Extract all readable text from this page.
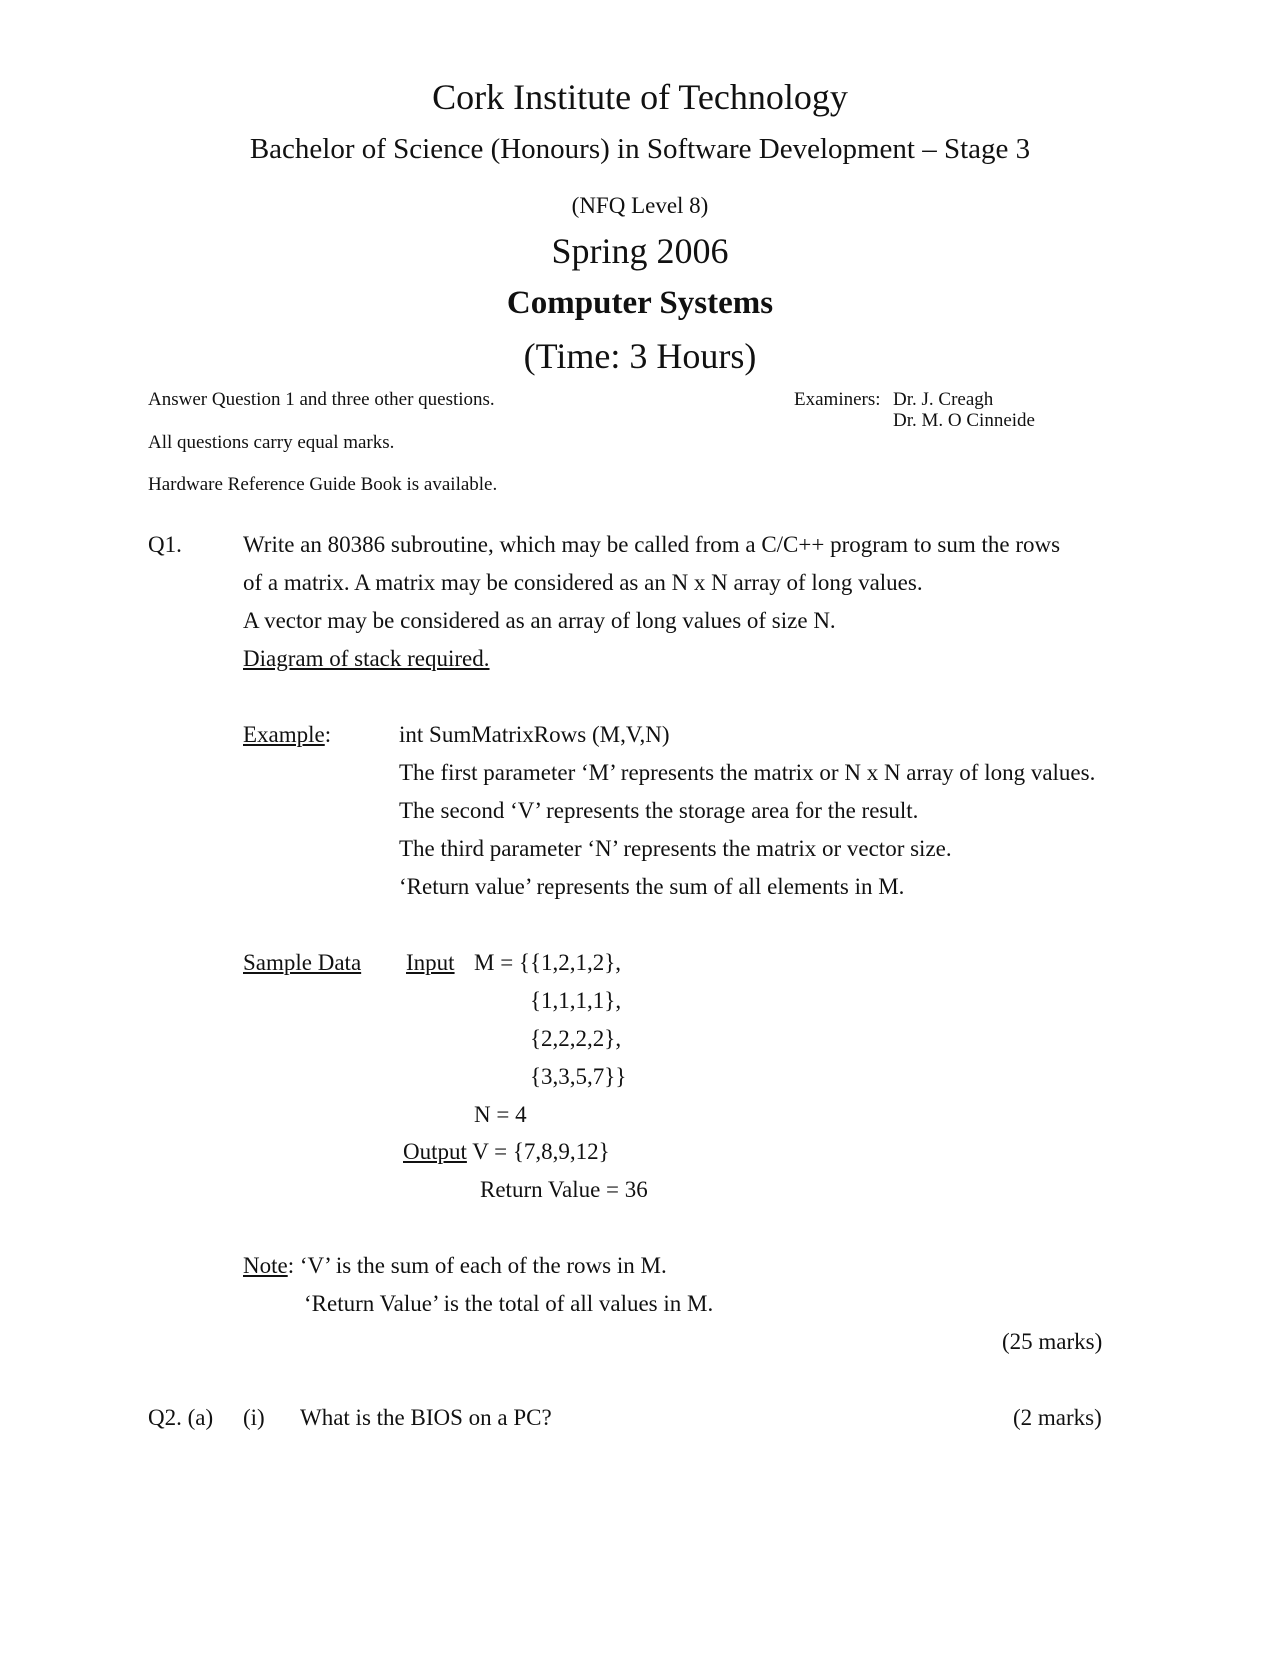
Cork Institute of Technology
Bachelor of Science (Honours) in Software Development – Stage 3
(NFQ Level 8)
Spring 2006
Computer Systems
(Time: 3 Hours)
Answer Question 1 and three other questions.
All questions carry equal marks.
Hardware Reference Guide Book is available.
Examiners: Dr. J. Creagh
Dr. M. O Cinneide
Q1.	Write an 80386 subroutine, which may be called from a C/C++ program to sum the rows
of a matrix. A matrix may be considered as an N x N array of long values.
A vector may be considered as an array of long values of size N.
Diagram of stack required.
Example:	int SumMatrixRows (M,V,N)
The first parameter ‘M’ represents the matrix or N x N array of long values.
The second ‘V’ represents the storage area for the result.
The third parameter ‘N’ represents the matrix or vector size.
‘Return value’ represents the sum of all elements in M.
Sample Data Input M = {{1,2,1,2},
{1,1,1,1},
{2,2,2,2},
{3,3,5,7}}
N = 4
Output V = {7,8,9,12}
Return Value = 36
Note: ‘V’ is the sum of each of the rows in M.
‘Return Value’ is the total of all values in M.
(25 marks)
Q2. (a) (i) What is the BIOS on a PC?	(2 marks)
